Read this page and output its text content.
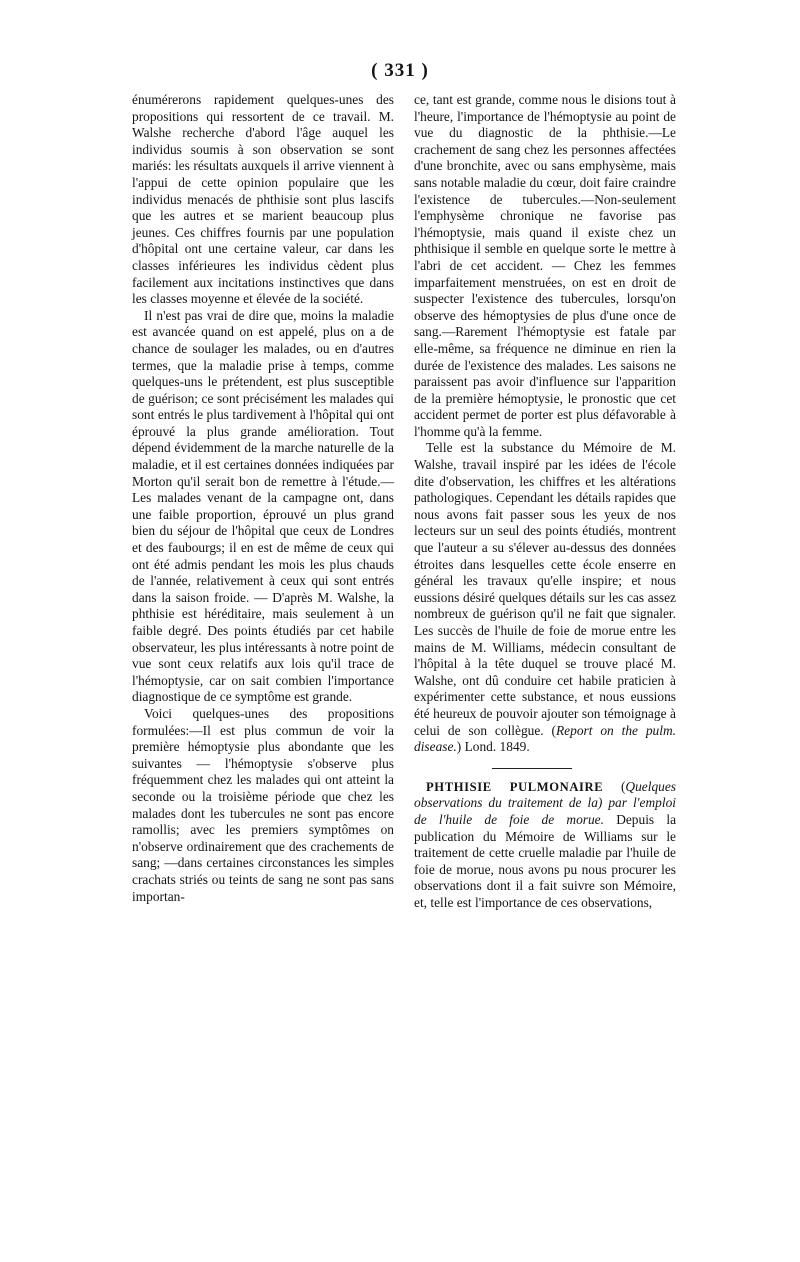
( 331 )

énumérerons rapidement quelques-unes des propositions qui ressortent de ce travail. M. Walshe recherche d'abord l'âge auquel les individus soumis à son observation se sont mariés: les résultats auxquels il arrive viennent à l'appui de cette opinion populaire que les individus menacés de phthisie sont plus lascifs que les autres et se marient beaucoup plus jeunes. Ces chiffres fournis par une population d'hôpital ont une certaine valeur, car dans les classes inférieures les individus cèdent plus facilement aux incitations instinctives que dans les classes moyenne et élevée de la société.

Il n'est pas vrai de dire que, moins la maladie est avancée quand on est appelé, plus on a de chance de soulager les malades, ou en d'autres termes, que la maladie prise à temps, comme quelques-uns le prétendent, est plus susceptible de guérison; ce sont précisément les malades qui sont entrés le plus tardivement à l'hôpital qui ont éprouvé la plus grande amélioration. Tout dépend évidemment de la marche naturelle de la maladie, et il est certaines données indiquées par Morton qu'il serait bon de remettre à l'étude.—Les malades venant de la campagne ont, dans une faible proportion, éprouvé un plus grand bien du séjour de l'hôpital que ceux de Londres et des faubourgs; il en est de même de ceux qui ont été admis pendant les mois les plus chauds de l'année, relativement à ceux qui sont entrés dans la saison froide. — D'après M. Walshe, la phthisie est héréditaire, mais seulement à un faible degré. Des points étudiés par cet habile observateur, les plus intéressants à notre point de vue sont ceux relatifs aux lois qu'il trace de l'hémoptysie, car on sait combien l'importance diagnostique de ce symptôme est grande.

Voici quelques-unes des propositions formulées:—Il est plus commun de voir la première hémoptysie plus abondante que les suivantes — l'hémoptysie s'observe plus fréquemment chez les malades qui ont atteint la seconde ou la troisième période que chez les malades dont les tubercules ne sont pas encore ramollis; avec les premiers symptômes on n'observe ordinairement que des crachements de sang; —dans certaines circonstances les simples crachats striés ou teints de sang ne sont pas sans importan-

ce, tant est grande, comme nous le disions tout à l'heure, l'importance de l'hémoptysie au point de vue du diagnostic de la phthisie.—Le crachement de sang chez les personnes affectées d'une bronchite, avec ou sans emphysème, mais sans notable maladie du cœur, doit faire craindre l'existence de tubercules.—Non-seulement l'emphysème chronique ne favorise pas l'hémoptysie, mais quand il existe chez un phthisique il semble en quelque sorte le mettre à l'abri de cet accident. — Chez les femmes imparfaitement menstruées, on est en droit de suspecter l'existence des tubercules, lorsqu'on observe des hémoptysies de plus d'une once de sang.—Rarement l'hémoptysie est fatale par elle-même, sa fréquence ne diminue en rien la durée de l'existence des malades. Les saisons ne paraissent pas avoir d'influence sur l'apparition de la première hémoptysie, le pronostic que cet accident permet de porter est plus défavorable à l'homme qu'à la femme.

Telle est la substance du Mémoire de M. Walshe, travail inspiré par les idées de l'école dite d'observation, les chiffres et les altérations pathologiques. Cependant les détails rapides que nous avons fait passer sous les yeux de nos lecteurs sur un seul des points étudiés, montrent que l'auteur a su s'élever au-dessus des données étroites dans lesquelles cette école enserre en général les travaux qu'elle inspire; et nous eussions désiré quelques détails sur les cas assez nombreux de guérison qu'il ne fait que signaler. Les succès de l'huile de foie de morue entre les mains de M. Williams, médecin consultant de l'hôpital à la tête duquel se trouve placé M. Walshe, ont dû conduire cet habile praticien à expérimenter cette substance, et nous eussions été heureux de pouvoir ajouter son témoignage à celui de son collègue. (Report on the pulm. disease.) Lond. 1849.

PHTHISIE PULMONAIRE (Quelques observations du traitement de la) par l'emploi de l'huile de foie de morue. Depuis la publication du Mémoire de Williams sur le traitement de cette cruelle maladie par l'huile de foie de morue, nous avons pu nous procurer les observations dont il a fait suivre son Mémoire, et, telle est l'importance de ces observations,
